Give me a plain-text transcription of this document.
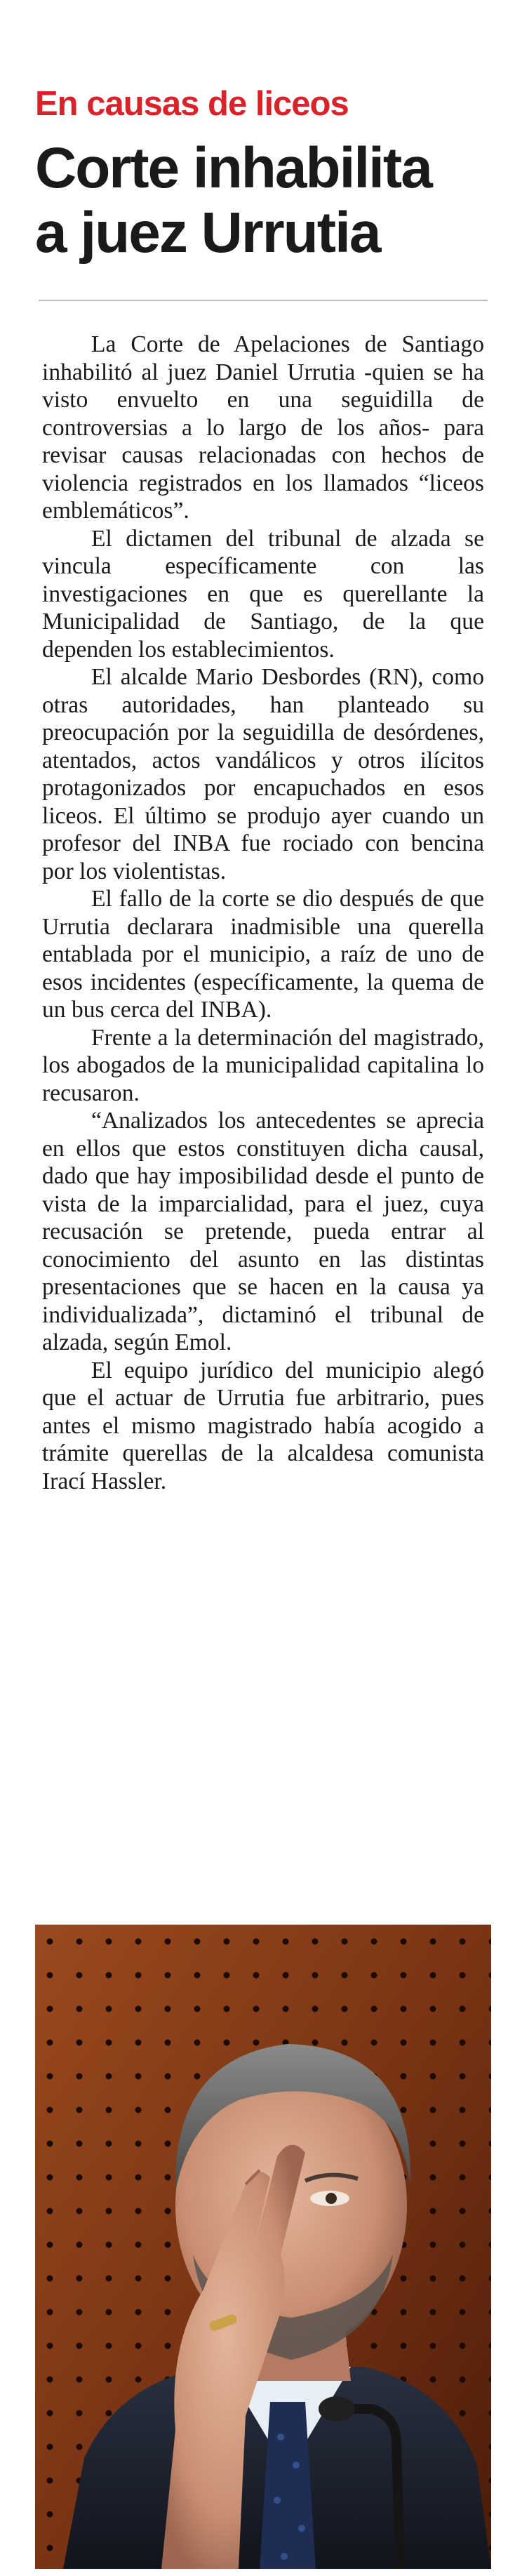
En causas de liceos
Corte inhabilita
a juez Urrutia

La Corte de Apelaciones de Santiago inhabilitó al juez Daniel Urrutia -quien se ha visto envuelto en una seguidilla de controversias a lo largo de los años- para revisar causas relacionadas con hechos de violencia registrados en los llamados “liceos emblemáticos”.

El dictamen del tribunal de alzada se vincula específicamente con las investigaciones en que es querellante la Municipalidad de Santiago, de la que dependen los establecimientos.

El alcalde Mario Desbordes (RN), como otras autoridades, han planteado su preocupación por la seguidilla de desórdenes, atentados, actos vandálicos y otros ilícitos protagonizados por encapuchados en esos liceos. El último se produjo ayer cuando un profesor del INBA fue rociado con bencina por los violentistas.

El fallo de la corte se dio después de que Urrutia declarara inadmisible una querella entablada por el municipio, a raíz de uno de esos incidentes (específicamente, la quema de un bus cerca del INBA).

Frente a la determinación del magistrado, los abogados de la municipalidad capitalina lo recusaron.

“Analizados los antecedentes se aprecia en ellos que estos constituyen dicha causal, dado que hay imposibilidad desde el punto de vista de la imparcialidad, para el juez, cuya recusación se pretende, pueda entrar al conocimiento del asunto en las distintas presentaciones que se hacen en la causa ya individualizada”, dictaminó el tribunal de alzada, según Emol.

El equipo jurídico del municipio alegó que el actuar de Urrutia fue arbitrario, pues antes el mismo magistrado había acogido a trámite querellas de la alcaldesa comunista Irací Hassler.
